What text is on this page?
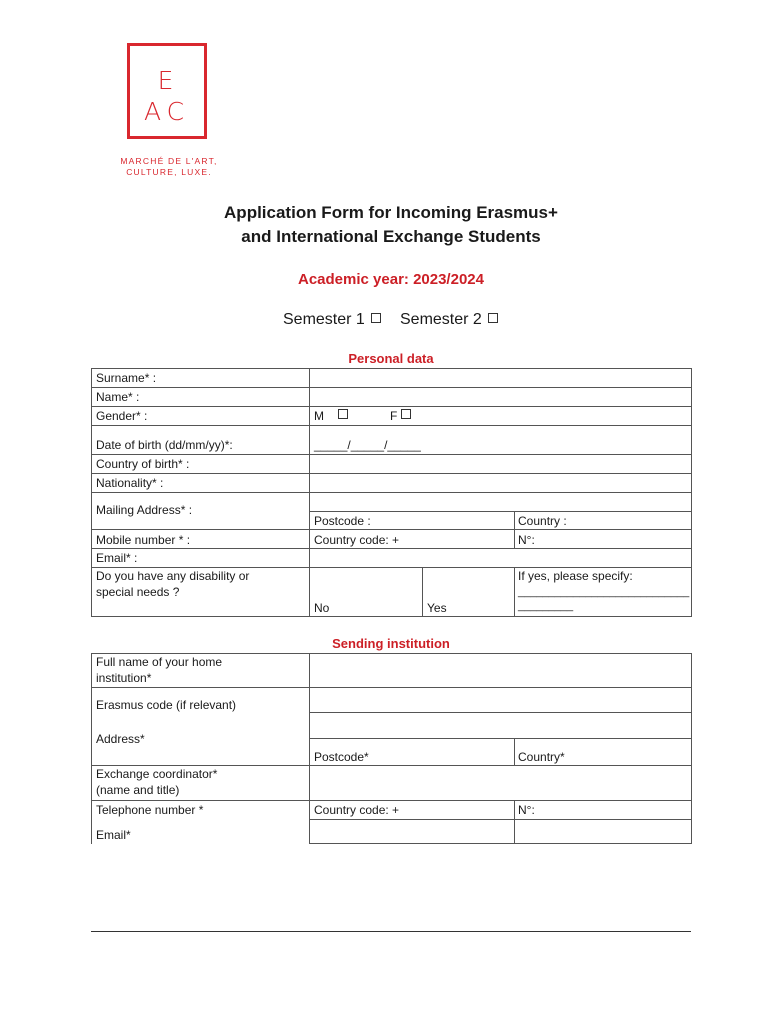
E
AC
MARCHÉ DE L'ART,
CULTURE, LUXE.
Application Form for Incoming Erasmus+
and International Exchange Students
Academic year: 2023/2024
Semester 1	Semester 2
Personal data
Surname* :
Name* :
Gender* :	M	F
Date of birth (dd/mm/yy)*:	_____/_____/_____
Country of birth* :
Nationality* :
Mailing Address* :
Postcode :	Country :
Mobile number * :	Country code: +	N°:
Email* :
Do you have any disability or
special needs ?
No	Yes
If yes, please specify:
____________________________
_________
Sending institution
Full name of your home
institution*
Erasmus code (if relevant)
Address*
Postcode*	Country*
Exchange coordinator*
(name and title)
Telephone number *	Country code: +	N°:
Email*
